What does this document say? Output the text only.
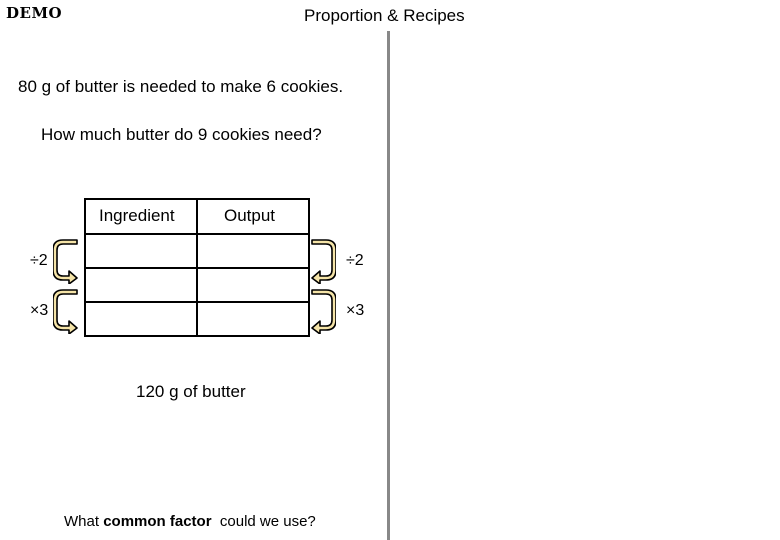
DEMO	Proportion & Recipes
80 g of butter is needed to make 6 cookies.
How much butter do 9 cookies need?

Ingredient	Output
÷2
×3
÷2
×3
120 g of butter
What common factor  could we use?
